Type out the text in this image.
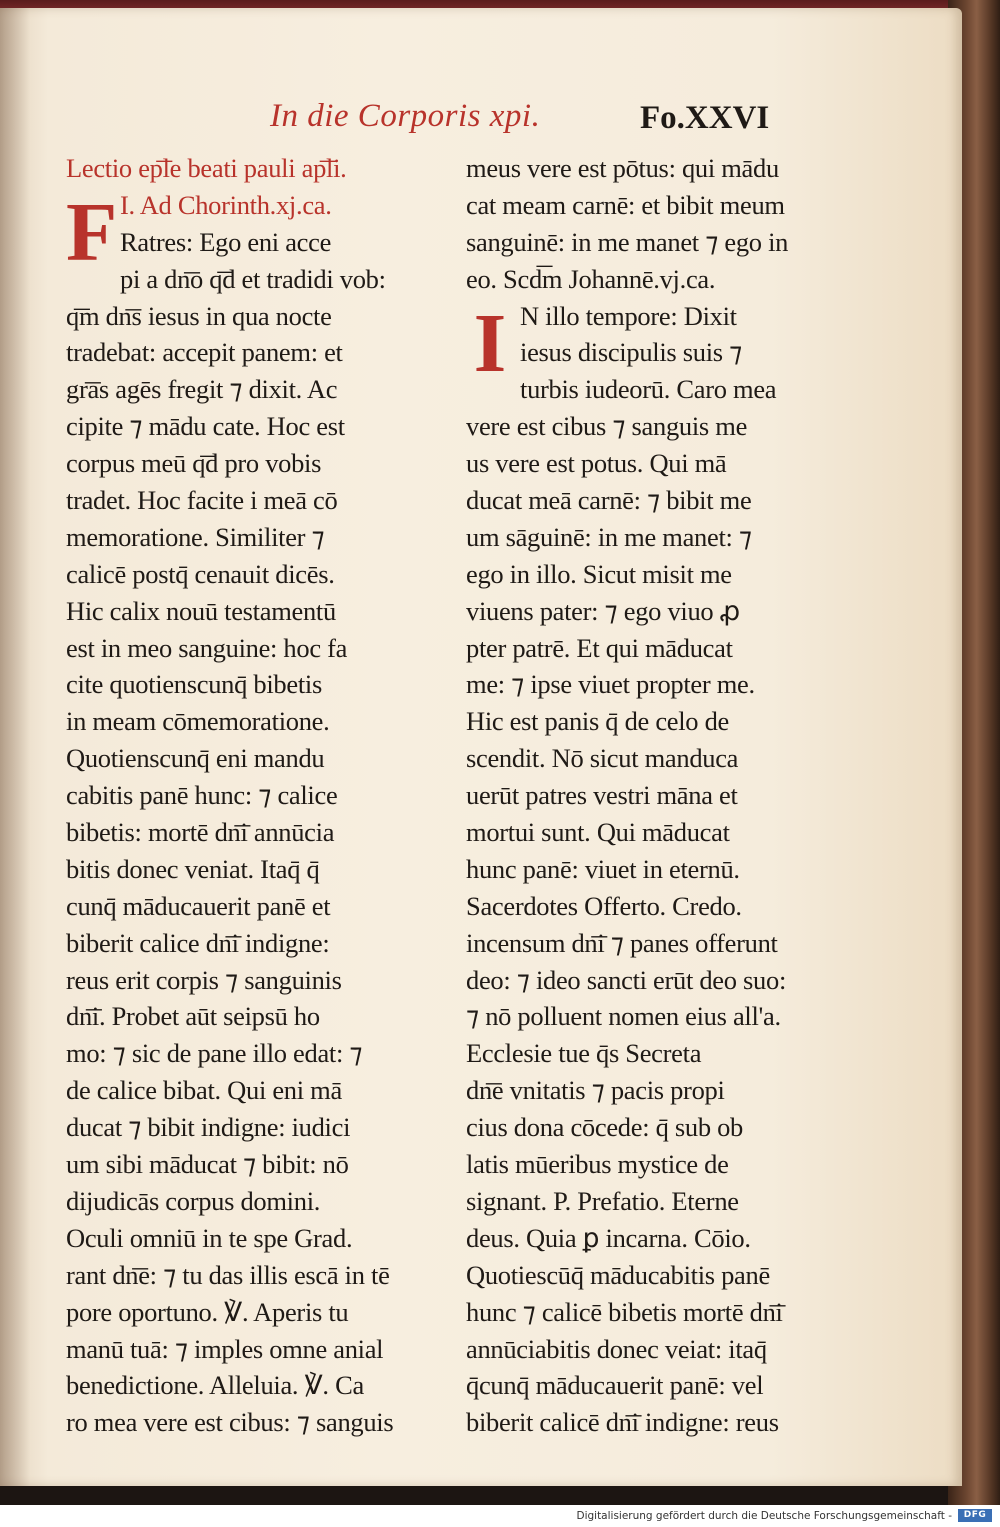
In die Corporis xpi.	Fo.XXVI
Lectio ep͞le beati pauli ap͞li.
F I. Ad Chorinth.xj.ca.
Ratres: Ego eni acce
pi a dn͞o q͞d et tradidi vob:
q͞m dn͞s iesus in qua nocte
tradebat: accepit panem: et
gr͞as agēs fregit ⁊ dixit. Ac
cipite ⁊ mādu cate. Hoc est
corpus meū q͞d pro vobis
tradet. Hoc facite i meā cō
memoratione. Similiter ⁊
calicē postq̄ cenauit dicēs.
Hic calix nouū testamentū
est in meo sanguine: hoc fa
cite quotienscunq̄ bibetis
in meam cōmemoratione.
Quotienscunq̄ eni mandu
cabitis panē hunc: ⁊ calice
bibetis: mortē dn͞i annūcia
bitis donec veniat. Itaq̄ q̄
cunq̄ māducauerit panē et
biberit calice dn͞i indigne:
reus erit corpis ⁊ sanguinis
dn͞i. Probet aūt seipsū ho
mo: ⁊ sic de pane illo edat: ⁊
de calice bibat. Qui eni mā
ducat ⁊ bibit indigne: iudici
um sibi māducat ⁊ bibit: nō
dijudicās corpus domini.
Oculi omniū in te spe Grad.
rant dn͞e: ⁊ tu das illis escā in tē
pore oportuno. ℣. Aperis tu
manū tuā: ⁊ imples omne anial
benedictione. Alleluia. ℣. Ca
ro mea vere est cibus: ⁊ sanguis
meus vere est pōtus: qui mādu
cat meam carnē: et bibit meum
sanguinē: in me manet ⁊ ego in
eo. Scd͞m Johannē.vj.ca.
I N illo tempore: Dixit
iesus discipulis suis ⁊
turbis iudeorū. Caro mea
vere est cibus ⁊ sanguis me
us vere est potus. Qui mā
ducat meā carnē: ⁊ bibit me
um sāguinē: in me manet: ⁊
ego in illo. Sicut misit me
viuens pater: ⁊ ego viuo ꝓ
pter patrē. Et qui māducat
me: ⁊ ipse viuet propter me.
Hic est panis q̄ de celo de
scendit. Nō sicut manduca
uerūt patres vestri māna et
mortui sunt. Qui māducat
hunc panē: viuet in eternū.
Sacerdotes Offerto. Credo.
incensum dn͞i ⁊ panes offerunt
deo: ⁊ ideo sancti erūt deo suo:
⁊ nō polluent nomen eius all'a.
Ecclesie tue q̄s Secreta
dn͞e vnitatis ⁊ pacis propi
cius dona cōcede: q̄ sub ob
latis mūeribus mystice de
signant. P. Prefatio. Eterne
deus. Quia ꝑ incarna. Cōio.
Quotiescūq̄ māducabitis panē
hunc ⁊ calicē bibetis mortē dn͞i
annūciabitis donec veiat: itaq̄
q̄cunq̄ māducauerit panē: vel
biberit calicē dn͞i indigne: reus
Digitalisierung gefördert durch die Deutsche Forschungsgemeinschaft -	DFG
